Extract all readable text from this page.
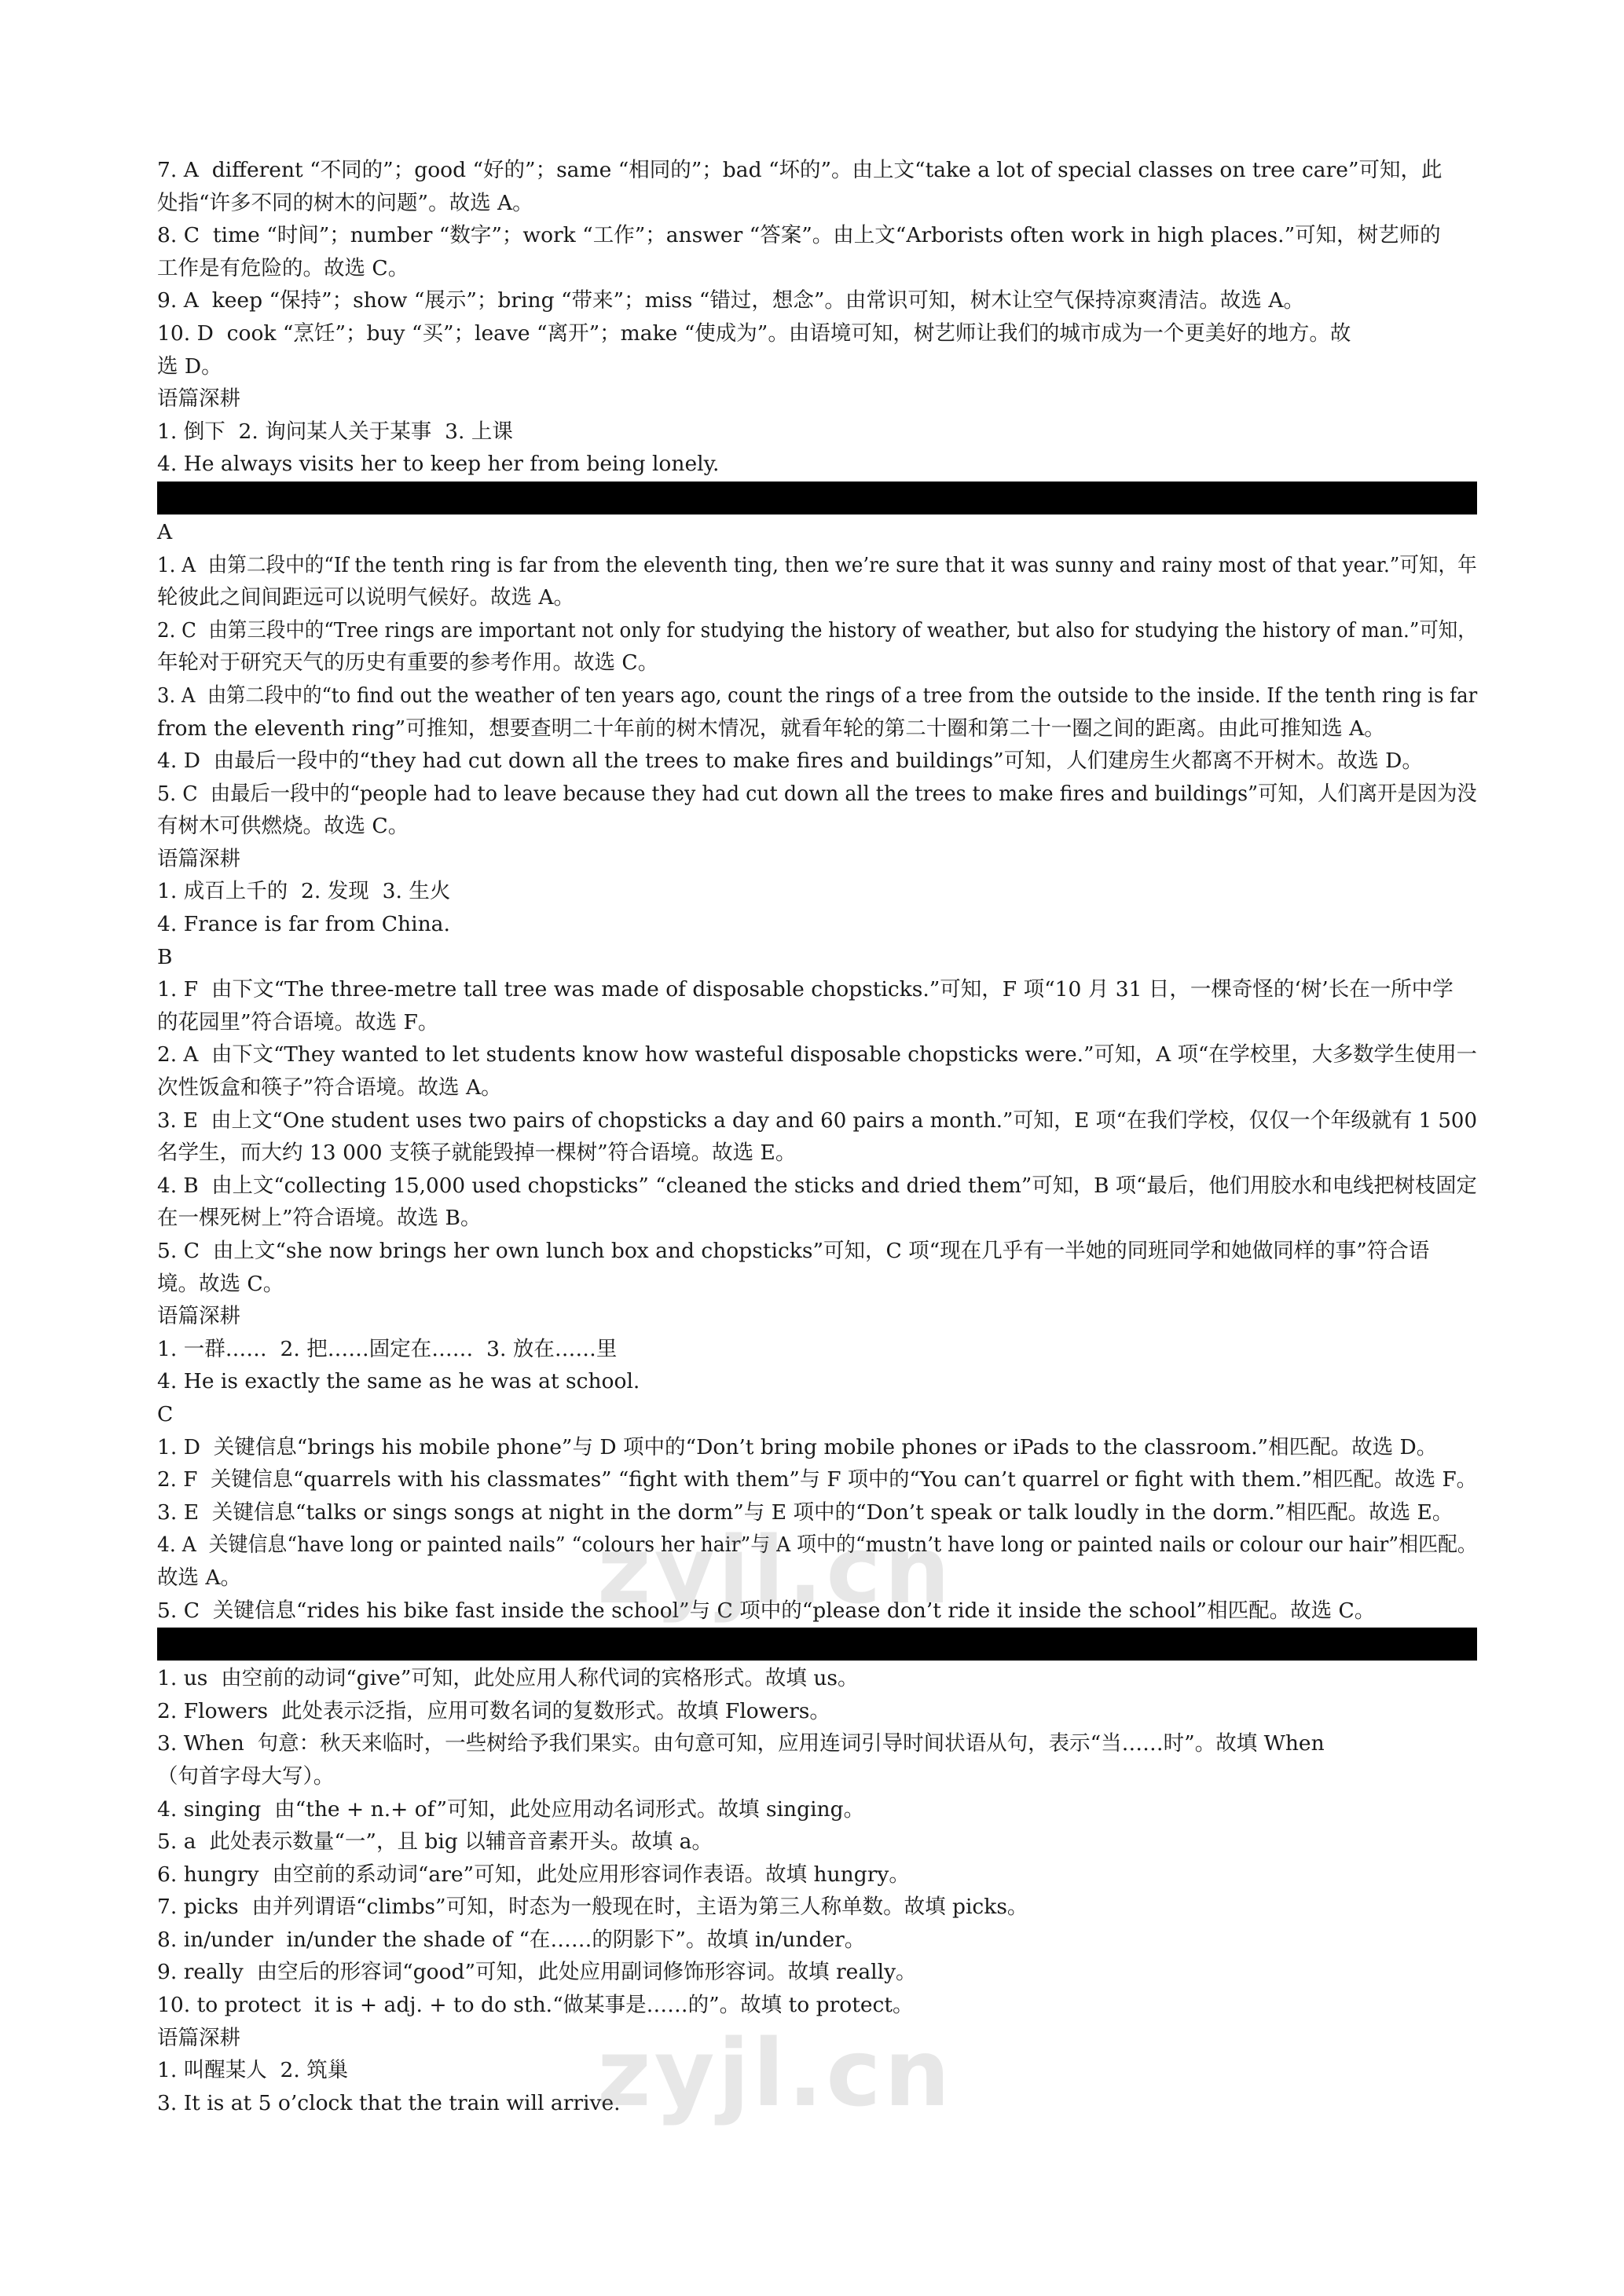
7. A  different “不同的”；good “好的”；same “相同的”；bad “坏的”。由上文“take a lot of special classes on tree care”可知，此
处指“许多不同的树木的问题”。故选 A。
8. C  time “时间”；number “数字”；work “工作”；answer “答案”。由上文“Arborists often work in high places.”可知，树艺师的
工作是有危险的。故选 C。
9. A  keep “保持”；show “展示”；bring “带来”；miss “错过，想念”。由常识可知，树木让空气保持凉爽清洁。故选 A。
10. D  cook “烹饪”；buy “买”；leave “离开”；make “使成为”。由语境可知，树艺师让我们的城市成为一个更美好的地方。故
选 D。
语篇深耕
1. 倒下  2. 询问某人关于某事  3. 上课
4. He always visits her to keep her from being lonely.
A
1. A  由第二段中的“If the tenth ring is far from the eleventh ting, then we’re sure that it was sunny and rainy most of that year.”可知，年
轮彼此之间间距远可以说明气候好。故选 A。
2. C  由第三段中的“Tree rings are important not only for studying the history of weather, but also for studying the history of man.”可知，
年轮对于研究天气的历史有重要的参考作用。故选 C。
3. A  由第二段中的“to find out the weather of ten years ago, count the rings of a tree from the outside to the inside. If the tenth ring is far
from the eleventh ring”可推知，想要查明二十年前的树木情况，就看年轮的第二十圈和第二十一圈之间的距离。由此可推知选 A。
4. D  由最后一段中的“they had cut down all the trees to make fires and buildings”可知，人们建房生火都离不开树木。故选 D。
5. C  由最后一段中的“people had to leave because they had cut down all the trees to make fires and buildings”可知，人们离开是因为没
有树木可供燃烧。故选 C。
语篇深耕
1. 成百上千的  2. 发现  3. 生火
4. France is far from China.
B
1. F  由下文“The three-metre tall tree was made of disposable chopsticks.”可知，F 项“10 月 31 日，一棵奇怪的‘树’长在一所中学
的花园里”符合语境。故选 F。
2. A  由下文“They wanted to let students know how wasteful disposable chopsticks were.”可知，A 项“在学校里，大多数学生使用一
次性饭盒和筷子”符合语境。故选 A。
3. E  由上文“One student uses two pairs of chopsticks a day and 60 pairs a month.”可知，E 项“在我们学校，仅仅一个年级就有 1 500
名学生，而大约 13 000 支筷子就能毁掉一棵树”符合语境。故选 E。
4. B  由上文“collecting 15,000 used chopsticks” “cleaned the sticks and dried them”可知，B 项“最后，他们用胶水和电线把树枝固定
在一棵死树上”符合语境。故选 B。
5. C  由上文“she now brings her own lunch box and chopsticks”可知，C 项“现在几乎有一半她的同班同学和她做同样的事”符合语
境。故选 C。
语篇深耕
1. 一群……  2. 把……固定在……  3. 放在……里
4. He is exactly the same as he was at school.
C
1. D  关键信息“brings his mobile phone”与 D 项中的“Don’t bring mobile phones or iPads to the classroom.”相匹配。故选 D。
2. F  关键信息“quarrels with his classmates” “fight with them”与 F 项中的“You can’t quarrel or fight with them.”相匹配。故选 F。
3. E  关键信息“talks or sings songs at night in the dorm”与 E 项中的“Don’t speak or talk loudly in the dorm.”相匹配。故选 E。
4. A  关键信息“have long or painted nails” “colours her hair”与 A 项中的“mustn’t have long or painted nails or colour our hair”相匹配。
故选 A。
5. C  关键信息“rides his bike fast inside the school”与 C 项中的“please don’t ride it inside the school”相匹配。故选 C。
1. us  由空前的动词“give”可知，此处应用人称代词的宾格形式。故填 us。
2. Flowers  此处表示泛指，应用可数名词的复数形式。故填 Flowers。
3. When  句意：秋天来临时，一些树给予我们果实。由句意可知，应用连词引导时间状语从句，表示“当……时”。故填 When
（句首字母大写）。
4. singing  由“the + n.+ of”可知，此处应用动名词形式。故填 singing。
5. a  此处表示数量“一”，且 big 以辅音音素开头。故填 a。
6. hungry  由空前的系动词“are”可知，此处应用形容词作表语。故填 hungry。
7. picks  由并列谓语“climbs”可知，时态为一般现在时，主语为第三人称单数。故填 picks。
8. in/under  in/under the shade of “在……的阴影下”。故填 in/under。
9. really  由空后的形容词“good”可知，此处应用副词修饰形容词。故填 really。
10. to protect  it is + adj. + to do sth.“做某事是……的”。故填 to protect。
语篇深耕
1. 叫醒某人  2. 筑巢
3. It is at 5 o’clock that the train will arrive.
zyjl.cn
zyjl.cn
